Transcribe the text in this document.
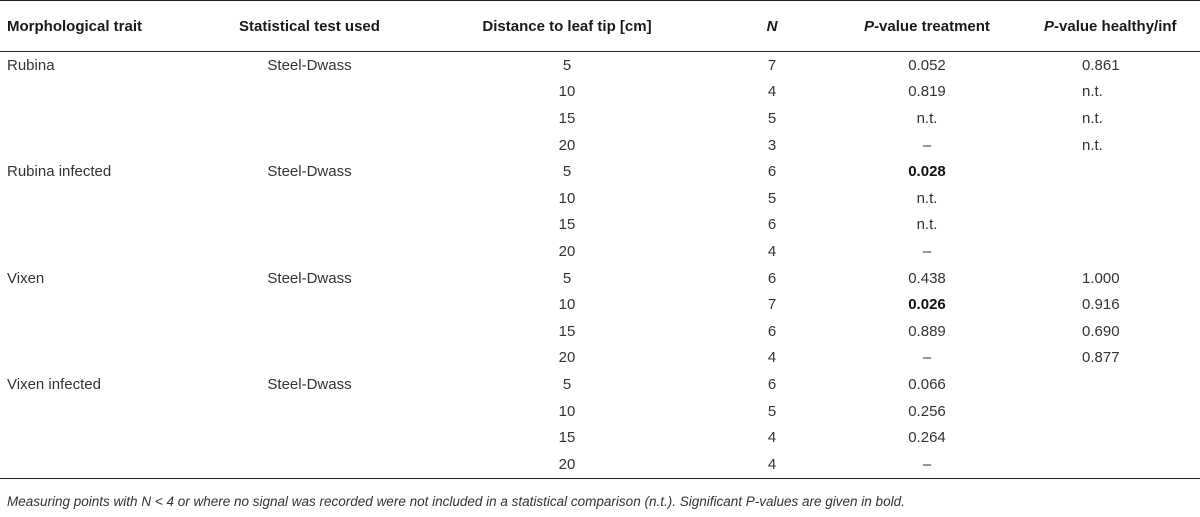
Morphological trait	Statistical test used	Distance to leaf tip [cm]	N	P-value treatment	P-value healthy/inf
Rubina	Steel-Dwass	5	7	0.052	0.861
		10	4	0.819	n.t.
		15	5	n.t.	n.t.
		20	3	–	n.t.
Rubina infected	Steel-Dwass	5	6	0.028	
		10	5	n.t.	
		15	6	n.t.	
		20	4	–	
Vixen	Steel-Dwass	5	6	0.438	1.000
		10	7	0.026	0.916
		15	6	0.889	0.690
		20	4	–	0.877
Vixen infected	Steel-Dwass	5	6	0.066	
		10	5	0.256	
		15	4	0.264	
		20	4	–	
Measuring points with N < 4 or where no signal was recorded were not included in a statistical comparison (n.t.). Significant P-values are given in bold.
